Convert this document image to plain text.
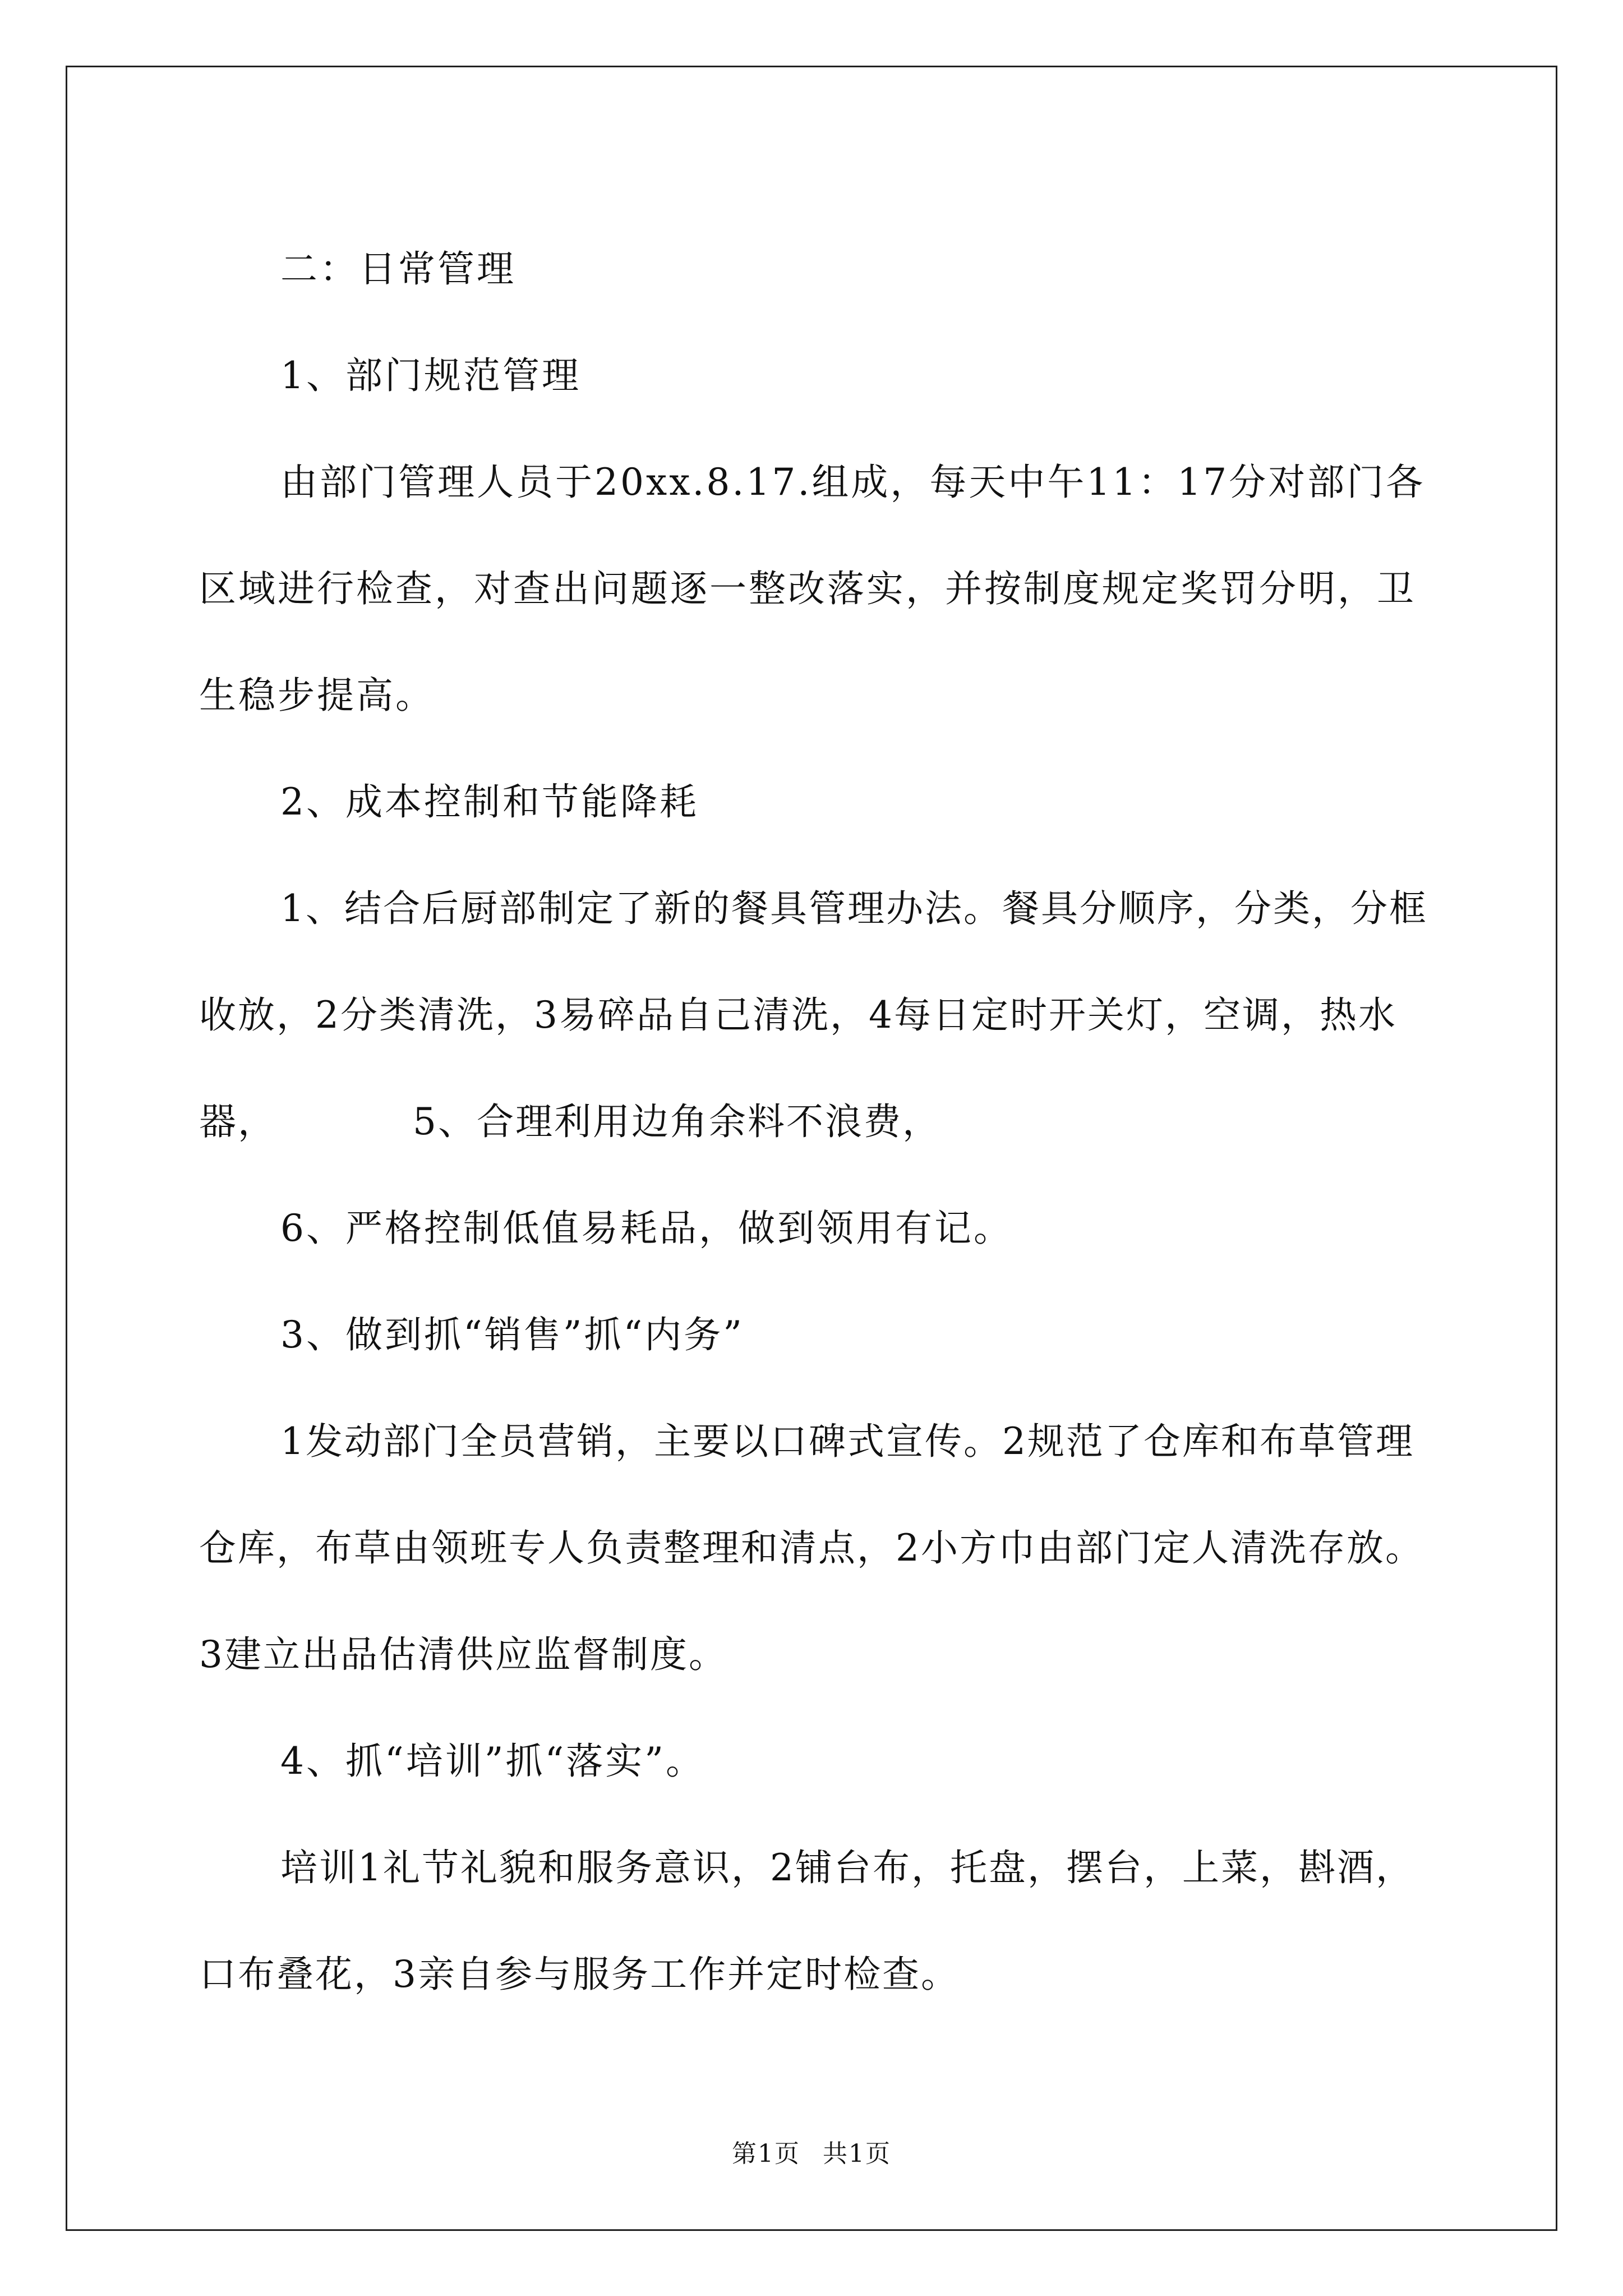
二：日常管理

1、部门规范管理

由部门管理人员于20xx.8.17.组成，每天中午11：17分对部门各区域进行检查，对查出问题逐一整改落实，并按制度规定奖罚分明，卫生稳步提高。

2、成本控制和节能降耗

1、结合后厨部制定了新的餐具管理办法。餐具分顺序，分类，分框收放，2分类清洗，3易碎品自己清洗，4每日定时开关灯，空调，热水器，　　　　5、合理利用边角余料不浪费，

6、严格控制低值易耗品，做到领用有记。

3、做到抓“销售”抓“内务”

1发动部门全员营销，主要以口碑式宣传。2规范了仓库和布草管理仓库，布草由领班专人负责整理和清点，2小方巾由部门定人清洗存放。3建立出品估清供应监督制度。

4、抓“培训”抓“落实”。

培训1礼节礼貌和服务意识，2铺台布，托盘，摆台，上菜，斟酒，口布叠花，3亲自参与服务工作并定时检查。

第1页 共1页
